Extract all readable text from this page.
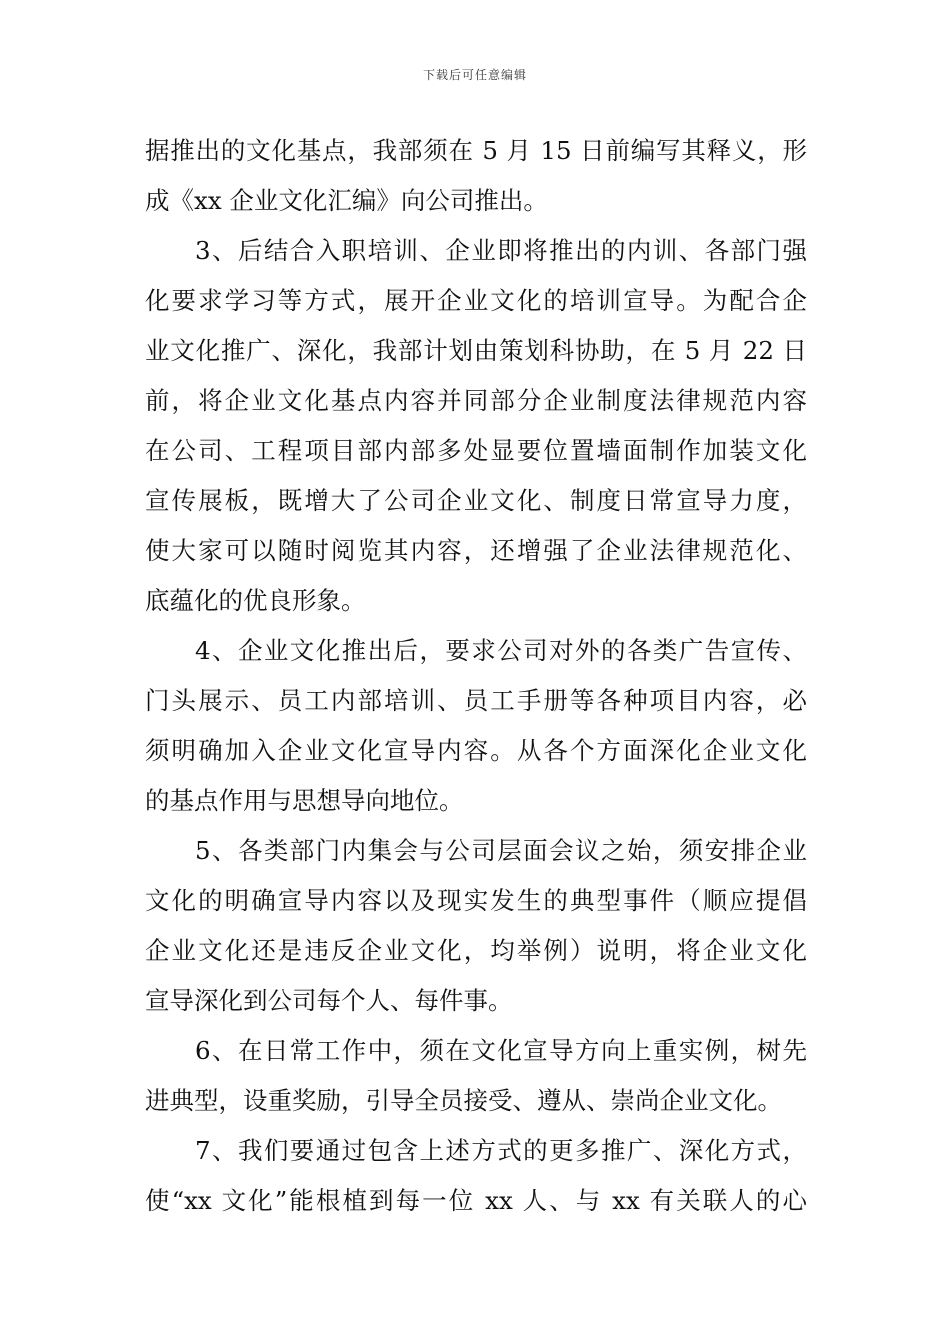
下载后可任意编辑
据推出的文化基点，我部须在 5 月 15 日前编写其释义，形
成《xx 企业文化汇编》向公司推出。
3、后结合入职培训、企业即将推出的内训、各部门强
化要求学习等方式，展开企业文化的培训宣导。为配合企
业文化推广、深化，我部计划由策划科协助，在 5 月 22 日
前，将企业文化基点内容并同部分企业制度法律规范内容
在公司、工程项目部内部多处显要位置墙面制作加装文化
宣传展板，既增大了公司企业文化、制度日常宣导力度，
使大家可以随时阅览其内容，还增强了企业法律规范化、
底蕴化的优良形象。
4、企业文化推出后，要求公司对外的各类广告宣传、
门头展示、员工内部培训、员工手册等各种项目内容，必
须明确加入企业文化宣导内容。从各个方面深化企业文化
的基点作用与思想导向地位。
5、各类部门内集会与公司层面会议之始，须安排企业
文化的明确宣导内容以及现实发生的典型事件（顺应提倡
企业文化还是违反企业文化，均举例）说明，将企业文化
宣导深化到公司每个人、每件事。
6、在日常工作中，须在文化宣导方向上重实例，树先
进典型，设重奖励，引导全员接受、遵从、崇尚企业文化。
7、我们要通过包含上述方式的更多推广、深化方式，
使“xx 文化”能根植到每一位 xx 人、与 xx 有关联人的心
